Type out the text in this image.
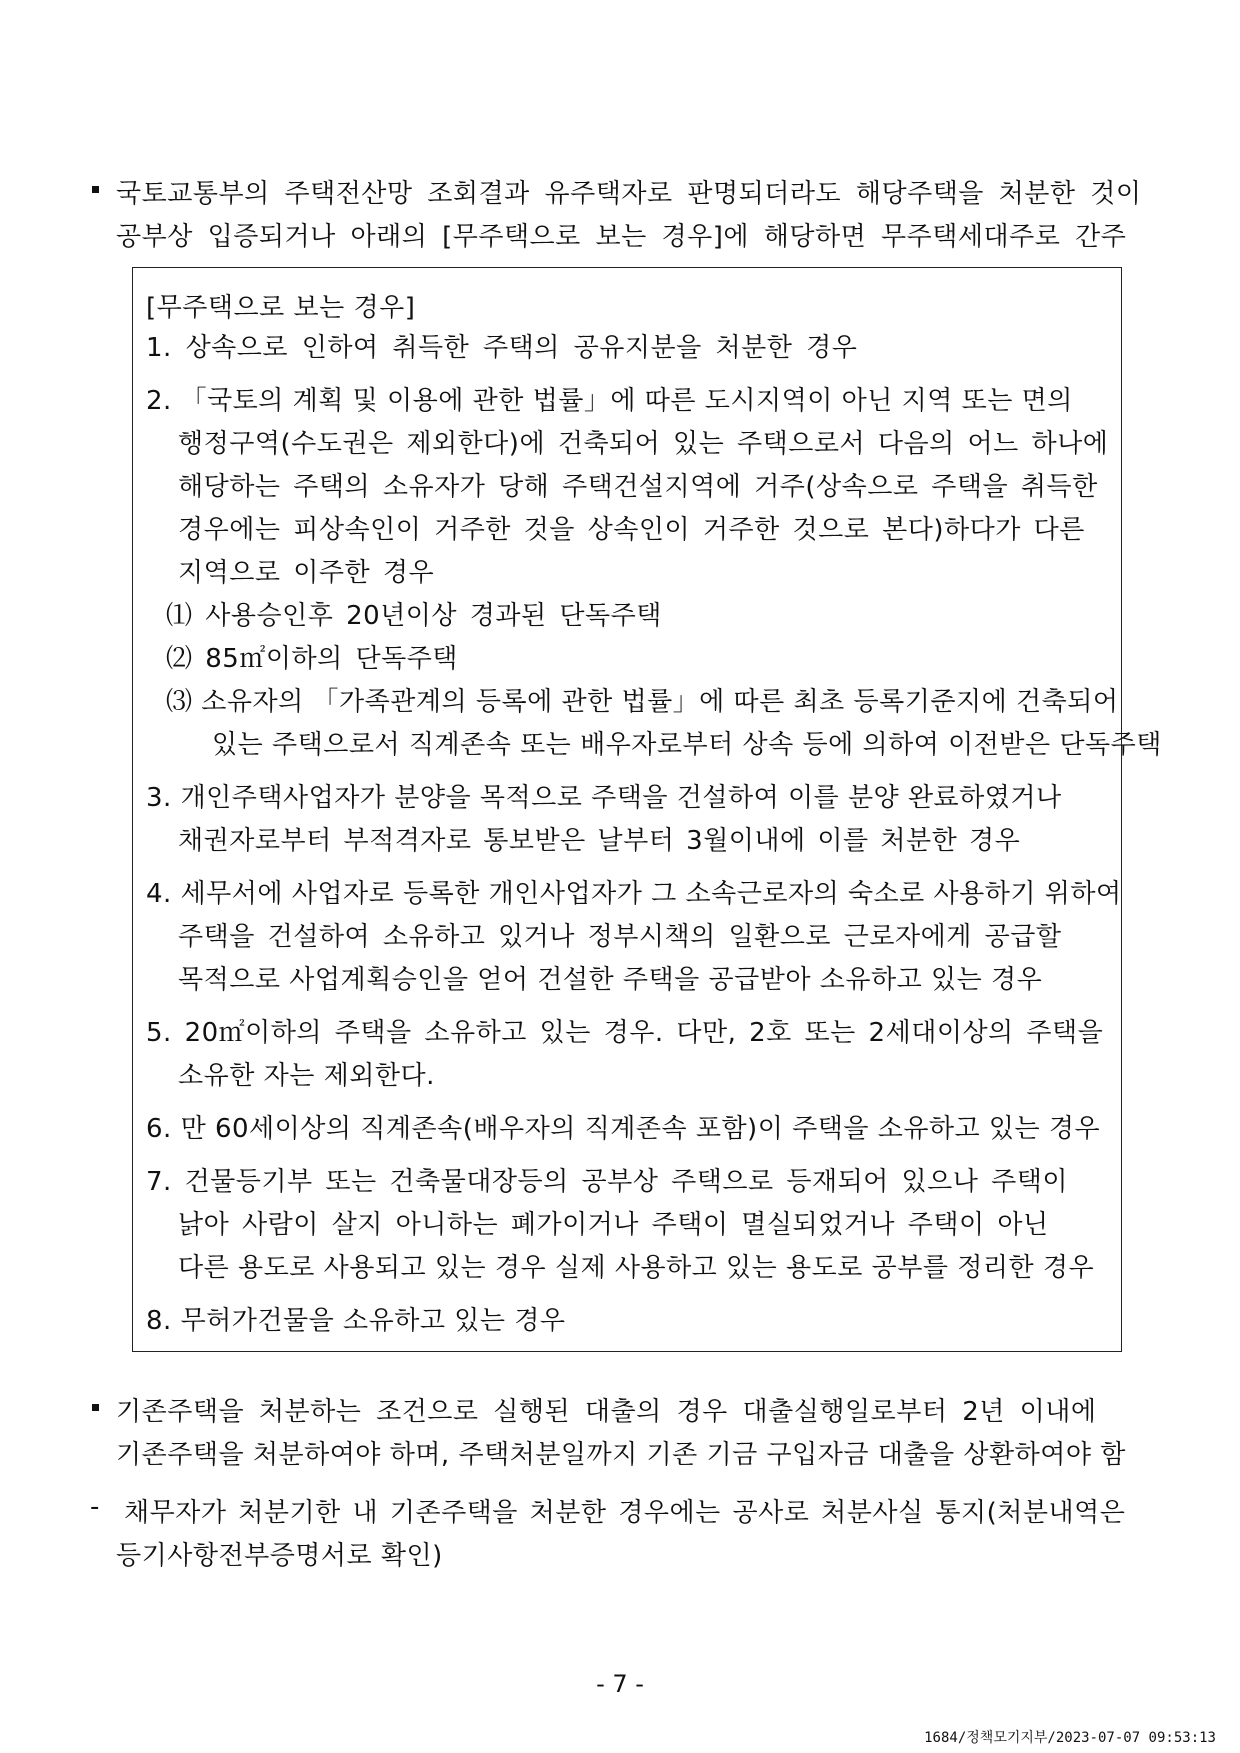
국토교통부의 주택전산망 조회결과 유주택자로 판명되더라도 해당주택을 처분한 것이
공부상 입증되거나 아래의 [무주택으로 보는 경우]에 해당하면 무주택세대주로 간주
[무주택으로 보는 경우]
1. 상속으로 인하여 취득한 주택의 공유지분을 처분한 경우
2. 「국토의 계획 및 이용에 관한 법률」에 따른 도시지역이 아닌 지역 또는 면의
행정구역(수도권은 제외한다)에 건축되어 있는 주택으로서 다음의 어느 하나에
해당하는 주택의 소유자가 당해 주택건설지역에 거주(상속으로 주택을 취득한
경우에는 피상속인이 거주한 것을 상속인이 거주한 것으로 본다)하다가 다른
지역으로 이주한 경우
⑴ 사용승인후 20년이상 경과된 단독주택
⑵ 85㎡이하의 단독주택
⑶ 소유자의 「가족관계의 등록에 관한 법률」에 따른 최초 등록기준지에 건축되어
있는 주택으로서 직계존속 또는 배우자로부터 상속 등에 의하여 이전받은 단독주택
3. 개인주택사업자가 분양을 목적으로 주택을 건설하여 이를 분양 완료하였거나
채권자로부터 부적격자로 통보받은 날부터 3월이내에 이를 처분한 경우
4. 세무서에 사업자로 등록한 개인사업자가 그 소속근로자의 숙소로 사용하기 위하여
주택을 건설하여 소유하고 있거나 정부시책의 일환으로 근로자에게 공급할
목적으로 사업계획승인을 얻어 건설한 주택을 공급받아 소유하고 있는 경우
5. 20㎡이하의 주택을 소유하고 있는 경우. 다만, 2호 또는 2세대이상의 주택을
소유한 자는 제외한다.
6. 만 60세이상의 직계존속(배우자의 직계존속 포함)이 주택을 소유하고 있는 경우
7. 건물등기부 또는 건축물대장등의 공부상 주택으로 등재되어 있으나 주택이
낡아 사람이 살지 아니하는 폐가이거나 주택이 멸실되었거나 주택이 아닌
다른 용도로 사용되고 있는 경우 실제 사용하고 있는 용도로 공부를 정리한 경우
8. 무허가건물을 소유하고 있는 경우
기존주택을 처분하는 조건으로 실행된 대출의 경우 대출실행일로부터 2년 이내에
기존주택을 처분하여야 하며, 주택처분일까지 기존 기금 구입자금 대출을 상환하여야 함
- 채무자가 처분기한 내 기존주택을 처분한 경우에는 공사로 처분사실 통지(처분내역은
등기사항전부증명서로 확인)
- 7 -
1684/정책모기지부/2023-07-07 09:53:13
